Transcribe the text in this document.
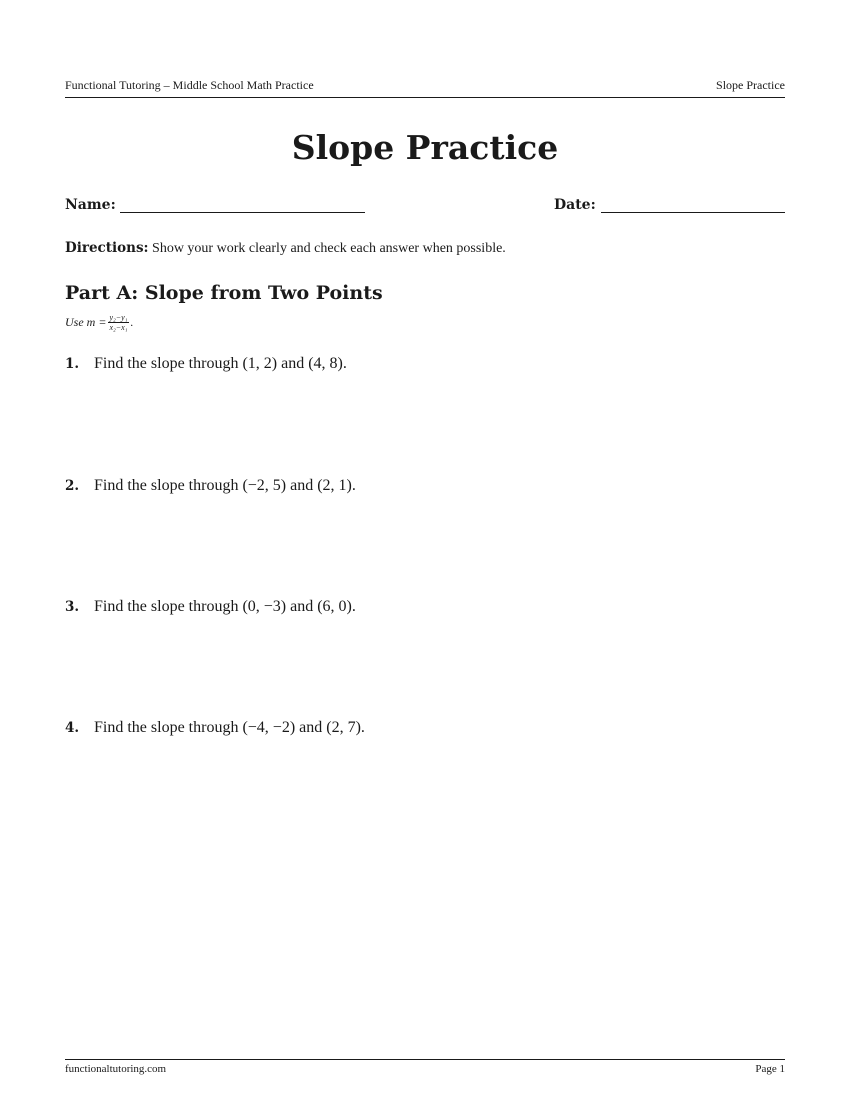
Functional Tutoring – Middle School Math Practice	Slope Practice
Slope Practice
Name:	Date:
Directions: Show your work clearly and check each answer when possible.
Part A: Slope from Two Points
Use $m = \frac{\text{y₂−y₁}}{\text{x₂−x₁}}$ .
1. Find the slope through (1, 2) and (4, 8).
2. Find the slope through (−2, 5) and (2, 1).
3. Find the slope through (0, −3) and (6, 0).
4. Find the slope through (−4, −2) and (2, 7).
functionaltutoring.com	Page 1
